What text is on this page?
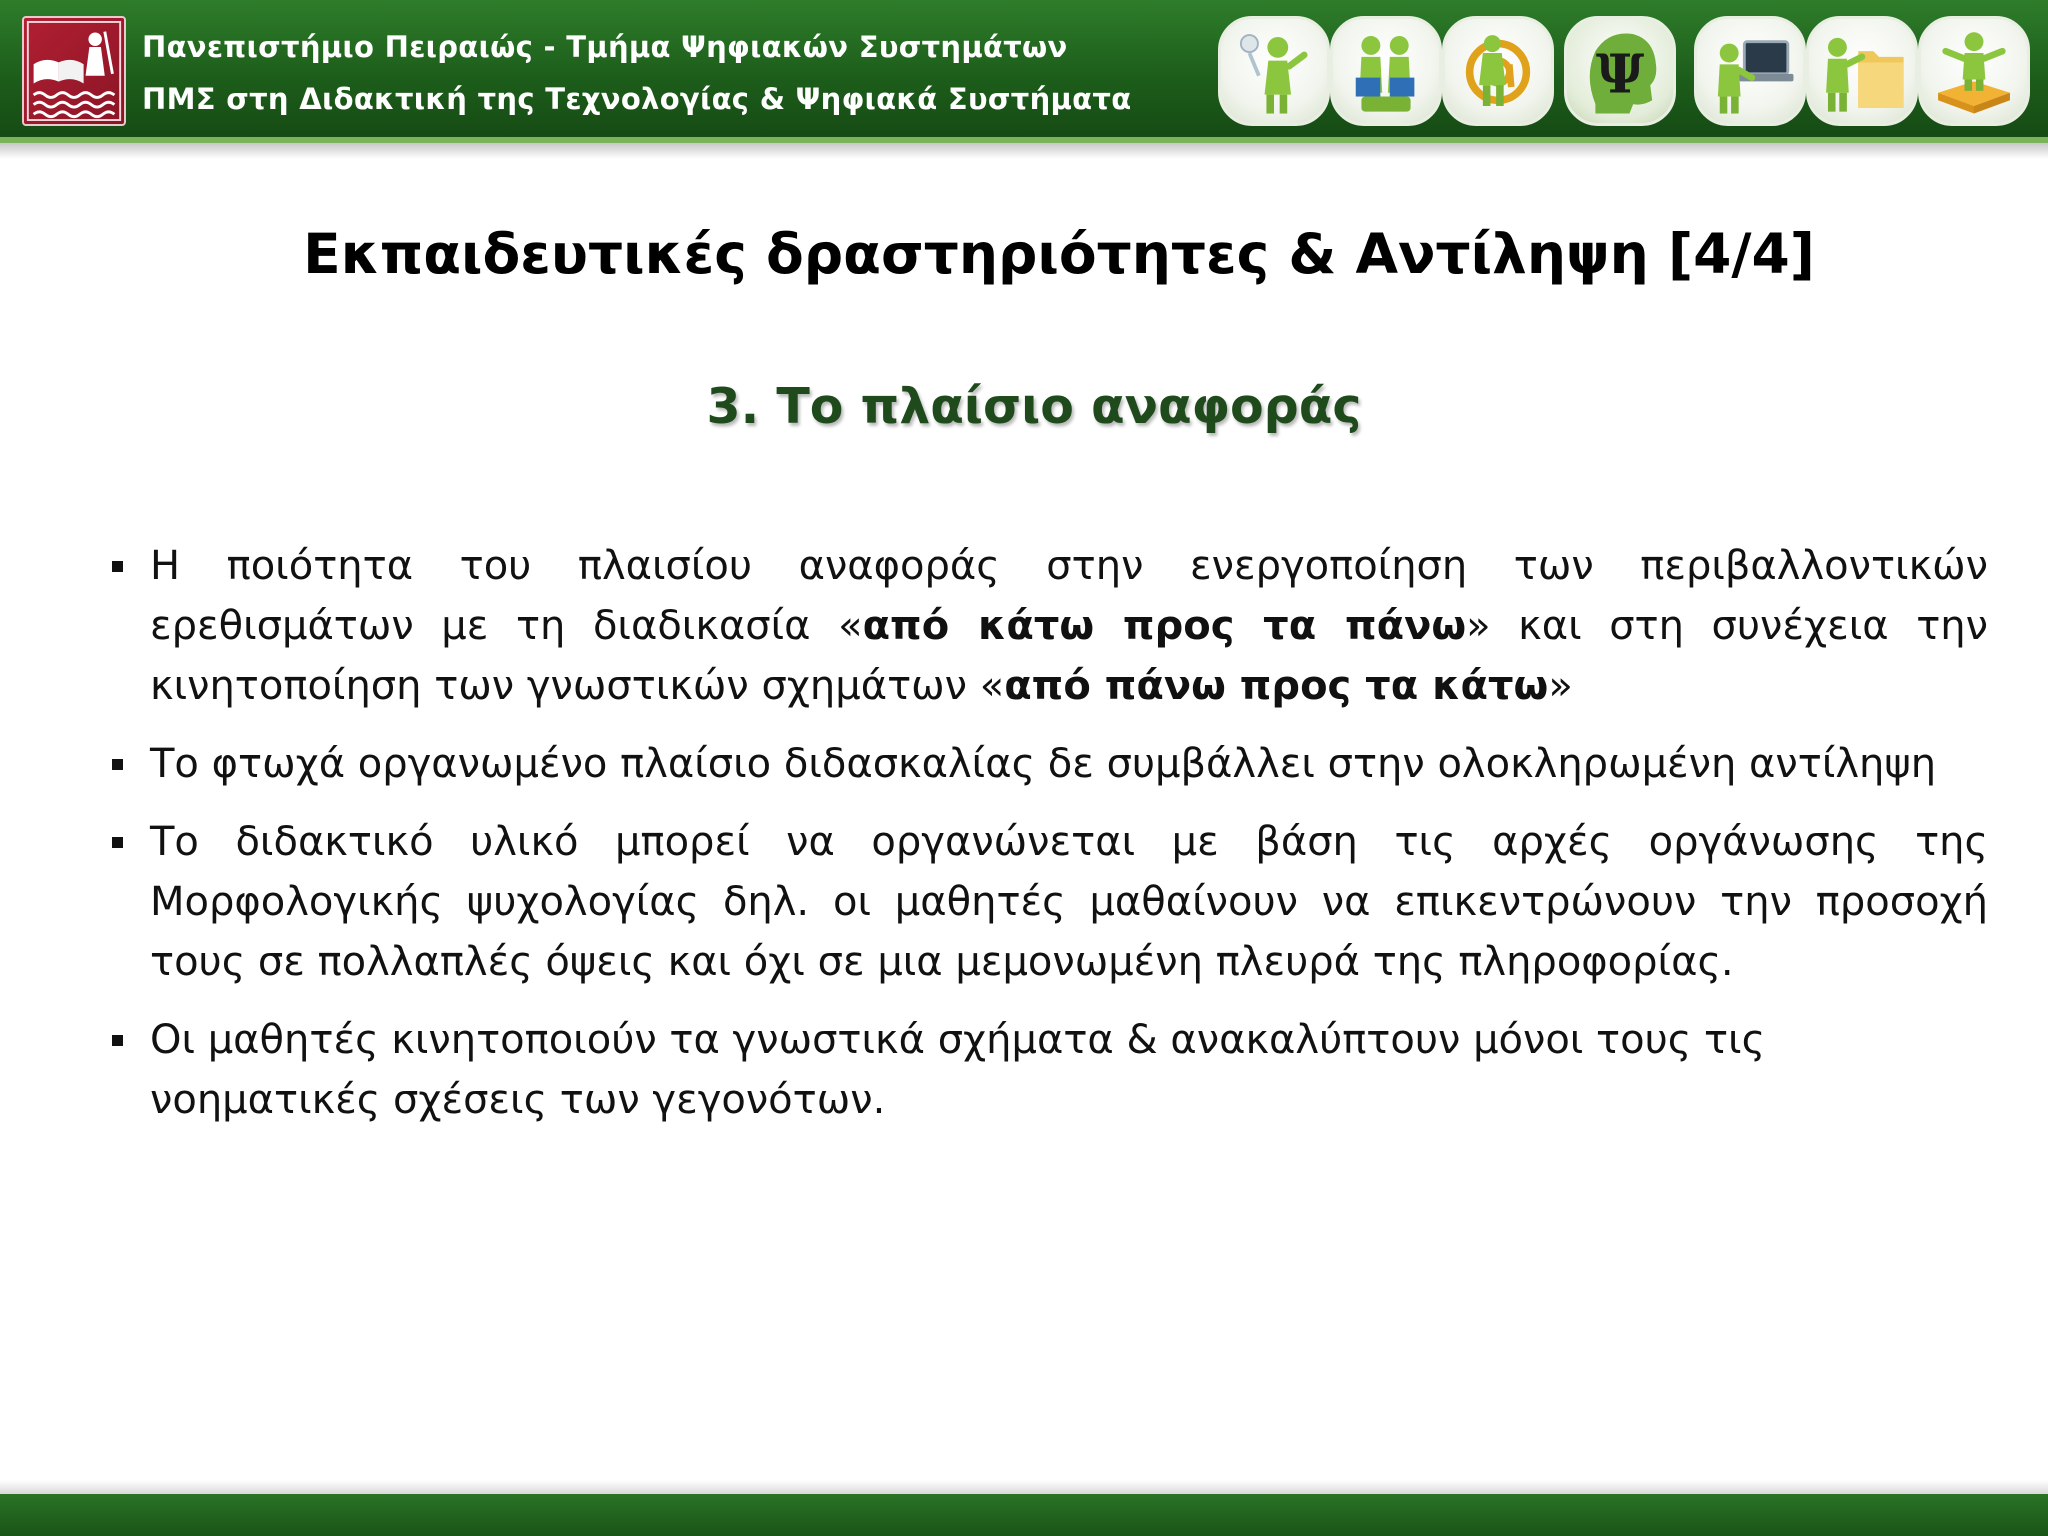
Πανεπιστήμιο Πειραιώς - Τμήμα Ψηφιακών Συστημάτων
ΠΜΣ στη Διδακτική της Τεχνολογίας & Ψηφιακά Συστήματα	Ψ
Εκπαιδευτικές δραστηριότητες & Αντίληψη [4/4]
3. Το πλαίσιο αναφοράς
Η ποιότητα του πλαισίου αναφοράς στην ενεργοποίηση των περιβαλλοντικών ερεθισμάτων με τη διαδικασία «από κάτω προς τα πάνω» και στη συνέχεια την κινητοποίηση των γνωστικών σχημάτων «από πάνω προς τα κάτω»
Το φτωχά οργανωμένο πλαίσιο διδασκαλίας δε συμβάλλει στην ολοκληρωμένη αντίληψη
Το διδακτικό υλικό μπορεί να οργανώνεται με βάση τις αρχές οργάνωσης της Μορφολογικής ψυχολογίας δηλ. οι μαθητές μαθαίνουν να επικεντρώνουν την προσοχή τους σε πολλαπλές όψεις και όχι σε μια μεμονωμένη πλευρά της πληροφορίας.
Οι μαθητές κινητοποιούν τα γνωστικά σχήματα & ανακαλύπτουν μόνοι τους τις νοηματικές σχέσεις των γεγονότων.
